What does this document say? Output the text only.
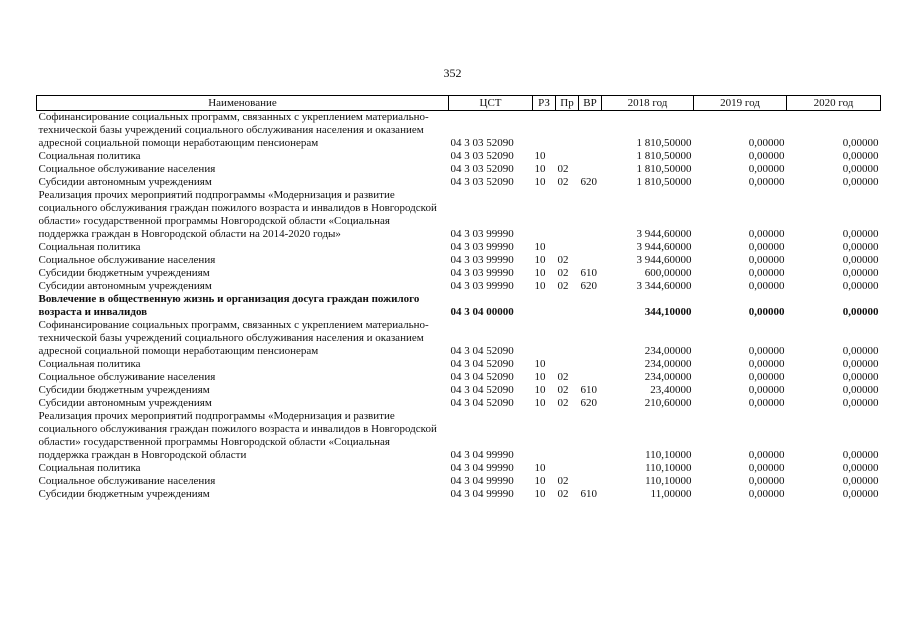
352
Наименование	ЦСТ	РЗ	Пр	ВР	2018 год	2019 год	2020 год
Софинансирование социальных программ, связанных с укреплением материально-технической базы учреждений социального обслуживания населения и оказанием адресной социальной помощи неработающим пенсионерам	04 3 03 52090				1 810,50000	0,00000	0,00000
Социальная политика	04 3 03 52090	10			1 810,50000	0,00000	0,00000
Социальное обслуживание населения	04 3 03 52090	10	02		1 810,50000	0,00000	0,00000
Субсидии автономным учреждениям	04 3 03 52090	10	02	620	1 810,50000	0,00000	0,00000
Реализация прочих мероприятий подпрограммы «Модернизация и развитие социального обслуживания граждан пожилого возраста и инвалидов в Новгородской области» государственной программы Новгородской области «Социальная поддержка граждан в Новгородской области на 2014-2020 годы»	04 3 03 99990				3 944,60000	0,00000	0,00000
Социальная политика	04 3 03 99990	10			3 944,60000	0,00000	0,00000
Социальное обслуживание населения	04 3 03 99990	10	02		3 944,60000	0,00000	0,00000
Субсидии бюджетным учреждениям	04 3 03 99990	10	02	610	600,00000	0,00000	0,00000
Субсидии автономным учреждениям	04 3 03 99990	10	02	620	3 344,60000	0,00000	0,00000
Вовлечение в общественную жизнь и организация досуга граждан пожилого возраста и инвалидов	04 3 04 00000				344,10000	0,00000	0,00000
Софинансирование социальных программ, связанных с укреплением материально-технической базы учреждений социального обслуживания населения и оказанием адресной социальной помощи неработающим пенсионерам	04 3 04 52090				234,00000	0,00000	0,00000
Социальная политика	04 3 04 52090	10			234,00000	0,00000	0,00000
Социальное обслуживание населения	04 3 04 52090	10	02		234,00000	0,00000	0,00000
Субсидии бюджетным учреждениям	04 3 04 52090	10	02	610	23,40000	0,00000	0,00000
Субсидии автономным учреждениям	04 3 04 52090	10	02	620	210,60000	0,00000	0,00000
Реализация прочих мероприятий подпрограммы «Модернизация и развитие социального обслуживания граждан пожилого возраста и инвалидов в Новгородской области» государственной программы Новгородской области «Социальная поддержка граждан в Новгородской области	04 3 04 99990				110,10000	0,00000	0,00000
Социальная политика	04 3 04 99990	10			110,10000	0,00000	0,00000
Социальное обслуживание населения	04 3 04 99990	10	02		110,10000	0,00000	0,00000
Субсидии бюджетным учреждениям	04 3 04 99990	10	02	610	11,00000	0,00000	0,00000
